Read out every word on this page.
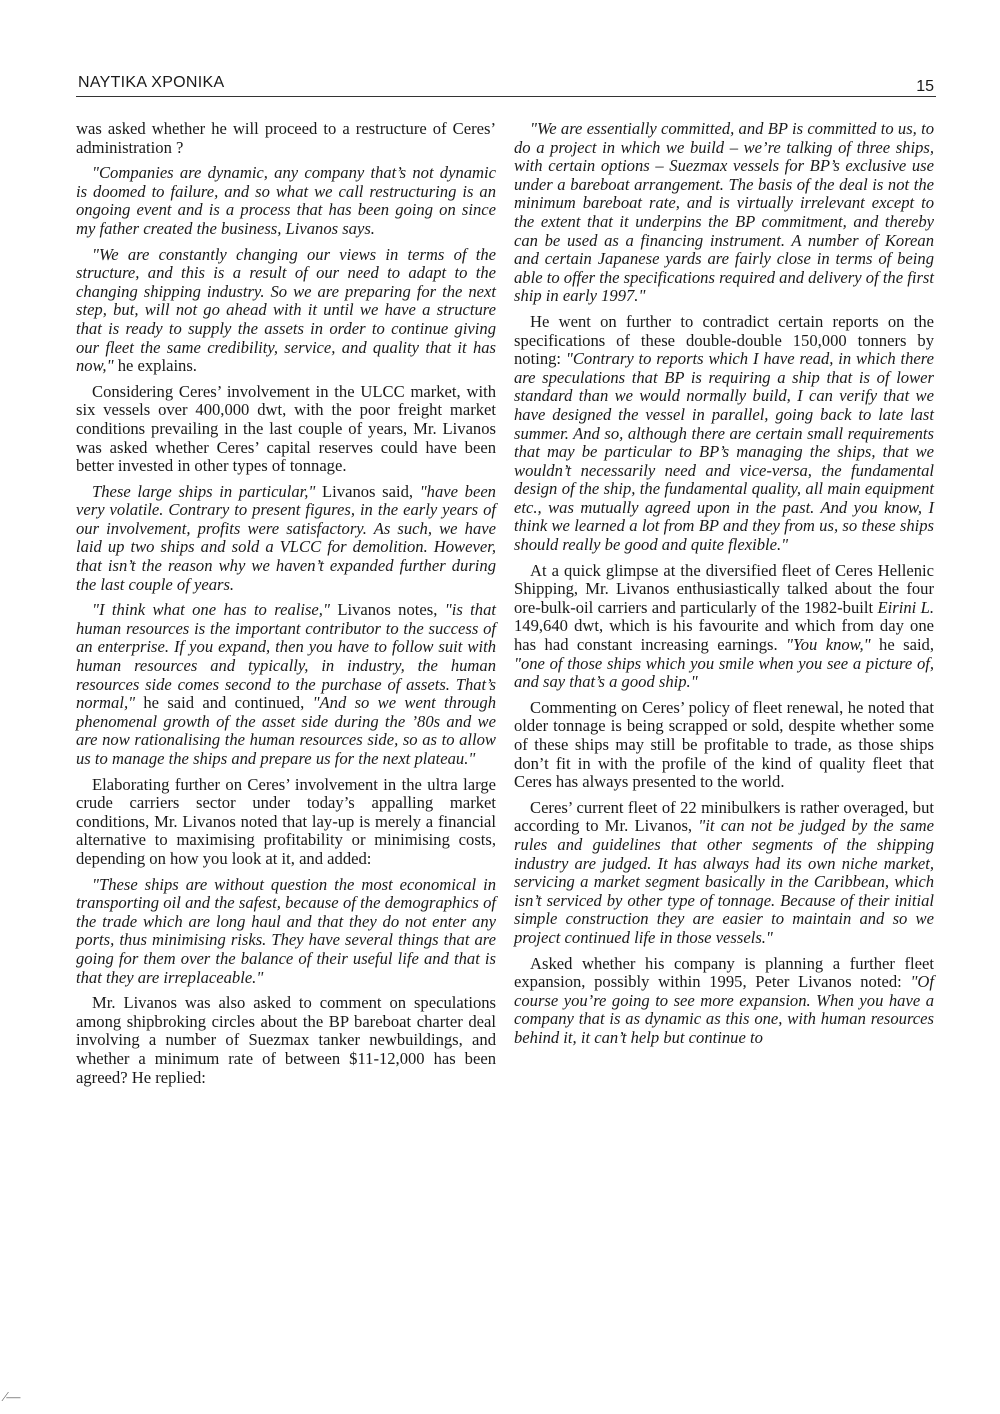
NAYTIKA XPONIKA	15

was asked whether he will proceed to a restructure of Ceres’ administration ?

"Companies are dynamic, any company that’s not dynamic is doomed to failure, and so what we call restructuring is an ongoing event and is a process that has been going on since my father created the business, Livanos says.

"We are constantly changing our views in terms of the structure, and this is a result of our need to adapt to the changing shipping industry. So we are preparing for the next step, but, will not go ahead with it until we have a structure that is ready to supply the assets in order to continue giving our fleet the same credibility, service, and quality that it has now," he explains.

Considering Ceres’ involvement in the ULCC market, with six vessels over 400,000 dwt, with the poor freight market conditions prevailing in the last couple of years, Mr. Livanos was asked whether Ceres’ capital reserves could have been better invested in other types of tonnage.

These large ships in particular," Livanos said, "have been very volatile. Contrary to present figures, in the early years of our involvement, profits were satisfactory. As such, we have laid up two ships and sold a VLCC for demolition. However, that isn’t the reason why we haven’t expanded further during the last couple of years.

"I think what one has to realise," Livanos notes, "is that human resources is the important contributor to the success of an enterprise. If you expand, then you have to follow suit with human resources and typically, in industry, the human resources side comes second to the purchase of assets. That’s normal," he said and continued, "And so we went through phenomenal growth of the asset side during the ’80s and we are now rationalising the human resources side, so as to allow us to manage the ships and prepare us for the next plateau."

Elaborating further on Ceres’ involvement in the ultra large crude carriers sector under today’s appalling market conditions, Mr. Livanos noted that lay-up is merely a financial alternative to maximising profitability or minimising costs, depending on how you look at it, and added:

"These ships are without question the most economical in transporting oil and the safest, because of the demographics of the trade which are long haul and that they do not enter any ports, thus minimising risks. They have several things that are going for them over the balance of their useful life and that is that they are irreplaceable."

Mr. Livanos was also asked to comment on speculations among shipbroking circles about the BP bareboat charter deal involving a number of Suezmax tanker newbuildings, and whether a minimum rate of between $11-12,000 has been agreed? He replied:

"We are essentially committed, and BP is committed to us, to do a project in which we build – we’re talking of three ships, with certain options – Suezmax vessels for BP’s exclusive use under a bareboat arrangement. The basis of the deal is not the minimum bareboat rate, and is virtually irrelevant except to the extent that it underpins the BP commitment, and thereby can be used as a financing instrument. A number of Korean and certain Japanese yards are fairly close in terms of being able to offer the specifications required and delivery of the first ship in early 1997."

He went on further to contradict certain reports on the specifications of these double-double 150,000 tonners by noting: "Contrary to reports which I have read, in which there are speculations that BP is requiring a ship that is of lower standard than we would normally build, I can verify that we have designed the vessel in parallel, going back to late last summer. And so, although there are certain small requirements that may be particular to BP’s managing the ships, that we wouldn’t necessarily need and vice-versa, the fundamental design of the ship, the fundamental quality, all main equipment etc., was mutually agreed upon in the past. And you know, I think we learned a lot from BP and they from us, so these ships should really be good and quite flexible."

At a quick glimpse at the diversified fleet of Ceres Hellenic Shipping, Mr. Livanos enthusiastically talked about the four ore-bulk-oil carriers and particularly of the 1982-built Eirini L. 149,640 dwt, which is his favourite and which from day one has had constant increasing earnings. "You know," he said, "one of those ships which you smile when you see a picture of, and say that’s a good ship."

Commenting on Ceres’ policy of fleet renewal, he noted that older tonnage is being scrapped or sold, despite whether some of these ships may still be profitable to trade, as those ships don’t fit in with the profile of the kind of quality fleet that Ceres has always presented to the world.

Ceres’ current fleet of 22 minibulkers is rather overaged, but according to Mr. Livanos, "it can not be judged by the same rules and guidelines that other segments of the shipping industry are judged. It has always had its own niche market, servicing a market segment basically in the Caribbean, which isn’t serviced by other type of tonnage. Because of their initial simple construction they are easier to maintain and so we project continued life in those vessels."

Asked whether his company is planning a further fleet expansion, possibly within 1995, Peter Livanos noted: "Of course you’re going to see more expansion. When you have a company that is as dynamic as this one, with human resources behind it, it can’t help but continue to

⁄—
